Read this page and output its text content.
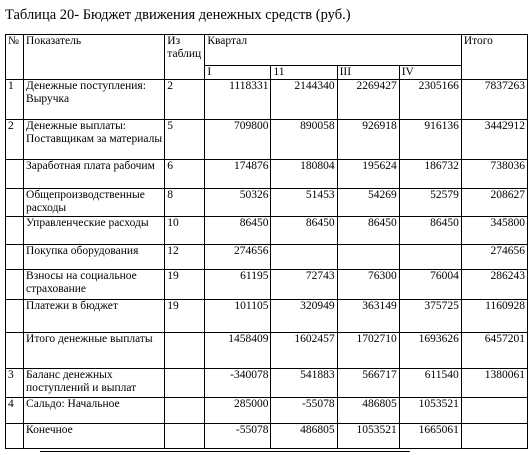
Таблица 20- Бюджет движения денежных средств (руб.)
№	Показатель	Из таблиц	Квартал				Итого
			I	11	III	IV	
1	Денежные поступления: Выручка	2	1118331	2144340	2269427	2305166	7837263
2	Денежные выплаты: Поставщикам за материалы	5	709800	890058	926918	916136	3442912
	Заработная плата рабочим	6	174876	180804	195624	186732	738036
	Общепроизводственные расходы	8	50326	51453	54269	52579	208627
	Управленческие расходы	10	86450	86450	86450	86450	345800
	Покупка оборудования	12	274656				274656
	Взносы на социальное страхование	19	61195	72743	76300	76004	286243
	Платежи в бюджет	19	101105	320949	363149	375725	1160928
	Итого денежные выплаты		1458409	1602457	1702710	1693626	6457201
3	Баланс денежных поступлений и выплат		-340078	541883	566717	611540	1380061
4	Сальдо: Начальное		285000	-55078	486805	1053521	
	Конечное		-55078	486805	1053521	1665061	
